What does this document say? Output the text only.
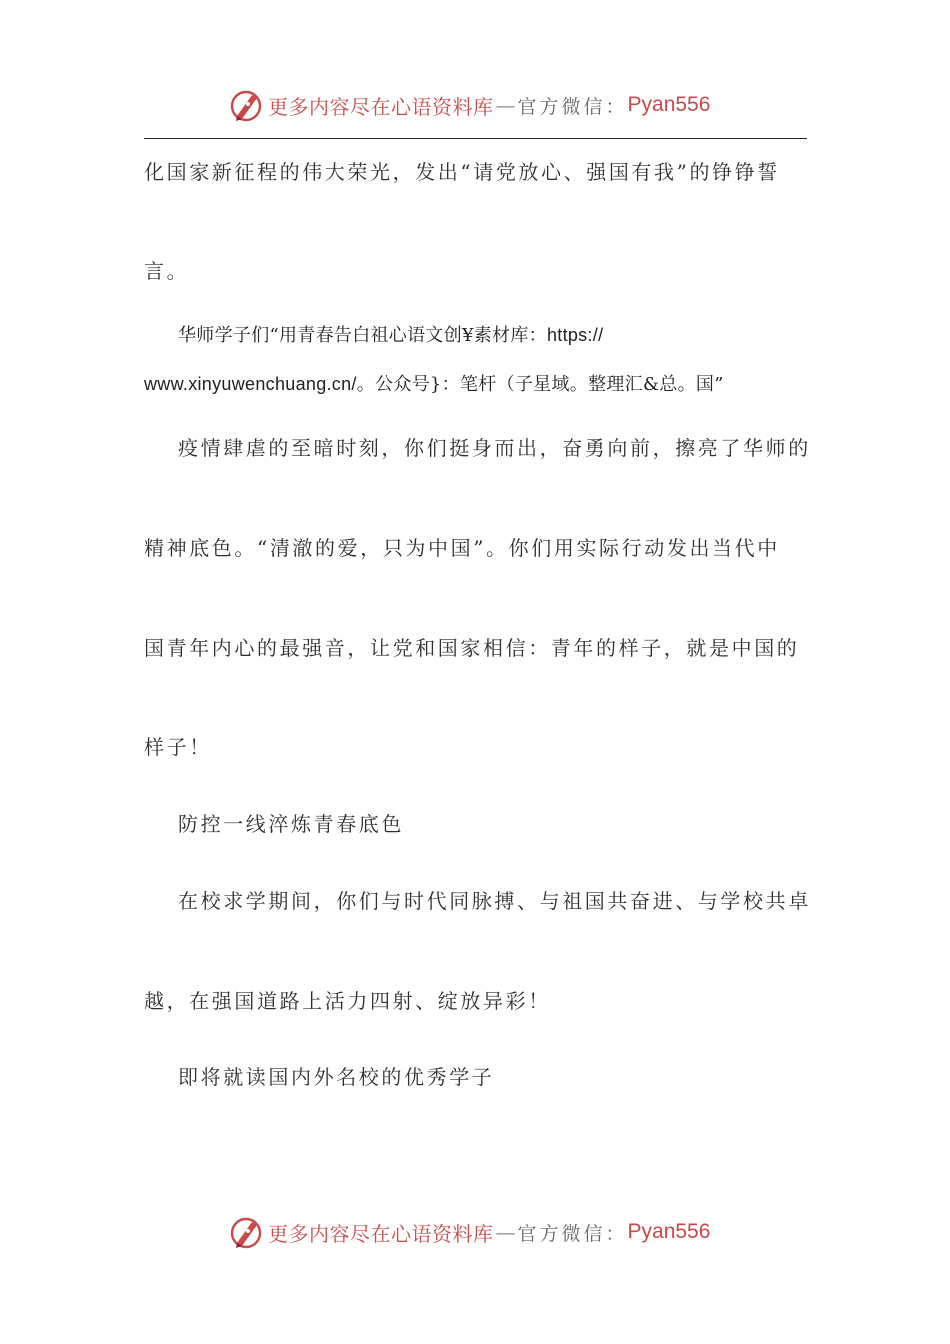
更多内容尽在心语资料库 — 官方微信： Pyan556
化国家新征程的伟大荣光，发出“请党放心、强国有我”的铮铮誓
言。
华师学子们“用青春告白祖心语文创¥素材库：https://
www.xinyuwenchuang.cn/。公众号}：笔杆（子星域。整理汇&总。国”
疫情肆虐的至暗时刻，你们挺身而出，奋勇向前，擦亮了华师的
精神底色。“清澈的爱，只为中国”。你们用实际行动发出当代中
国青年内心的最强音，让党和国家相信：青年的样子，就是中国的
样子！
防控一线淬炼青春底色
在校求学期间，你们与时代同脉搏、与祖国共奋进、与学校共卓
越，在强国道路上活力四射、绽放异彩！
即将就读国内外名校的优秀学子
更多内容尽在心语资料库 — 官方微信： Pyan556
